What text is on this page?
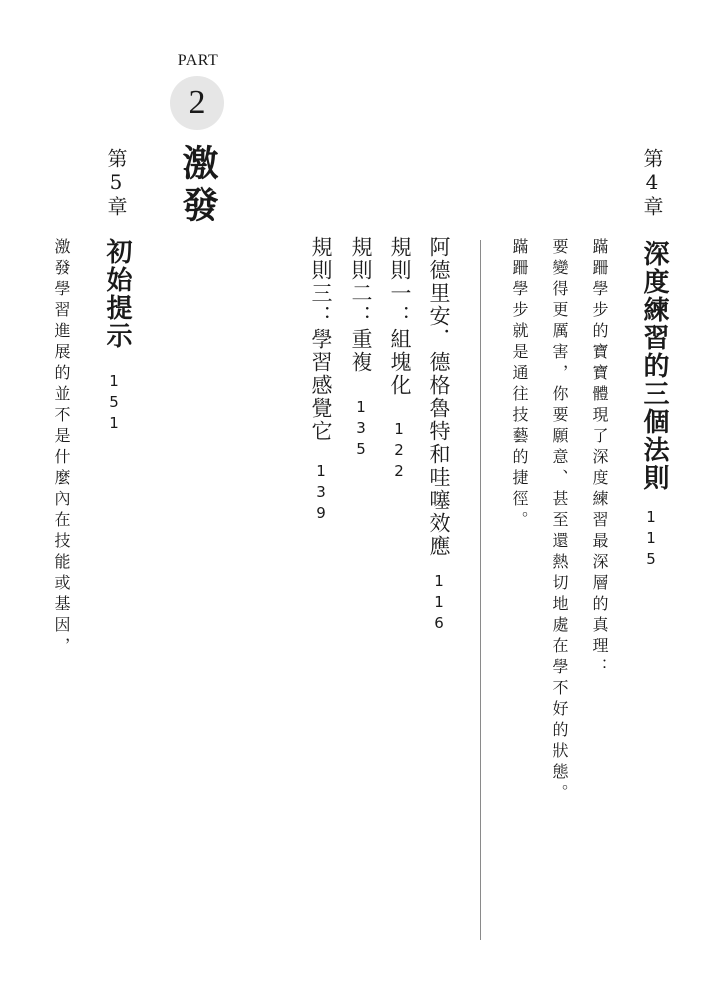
PART
2
激發	第4章
深度練習的三個法則
115
蹣跚學步的寶寶體現了深度練習最深層的真理：
要變得更厲害，你要願意、甚至還熱切地處在學不好的狀態。
蹣跚學步就是通往技藝的捷徑。
阿德里安．德格魯特和哇噻效應
116
規則一：組塊化
122
規則二：重複
135
規則三：學習感覺它
139
第5章
初始提示
151
激發學習進展的並不是什麼內在技能或基因，
